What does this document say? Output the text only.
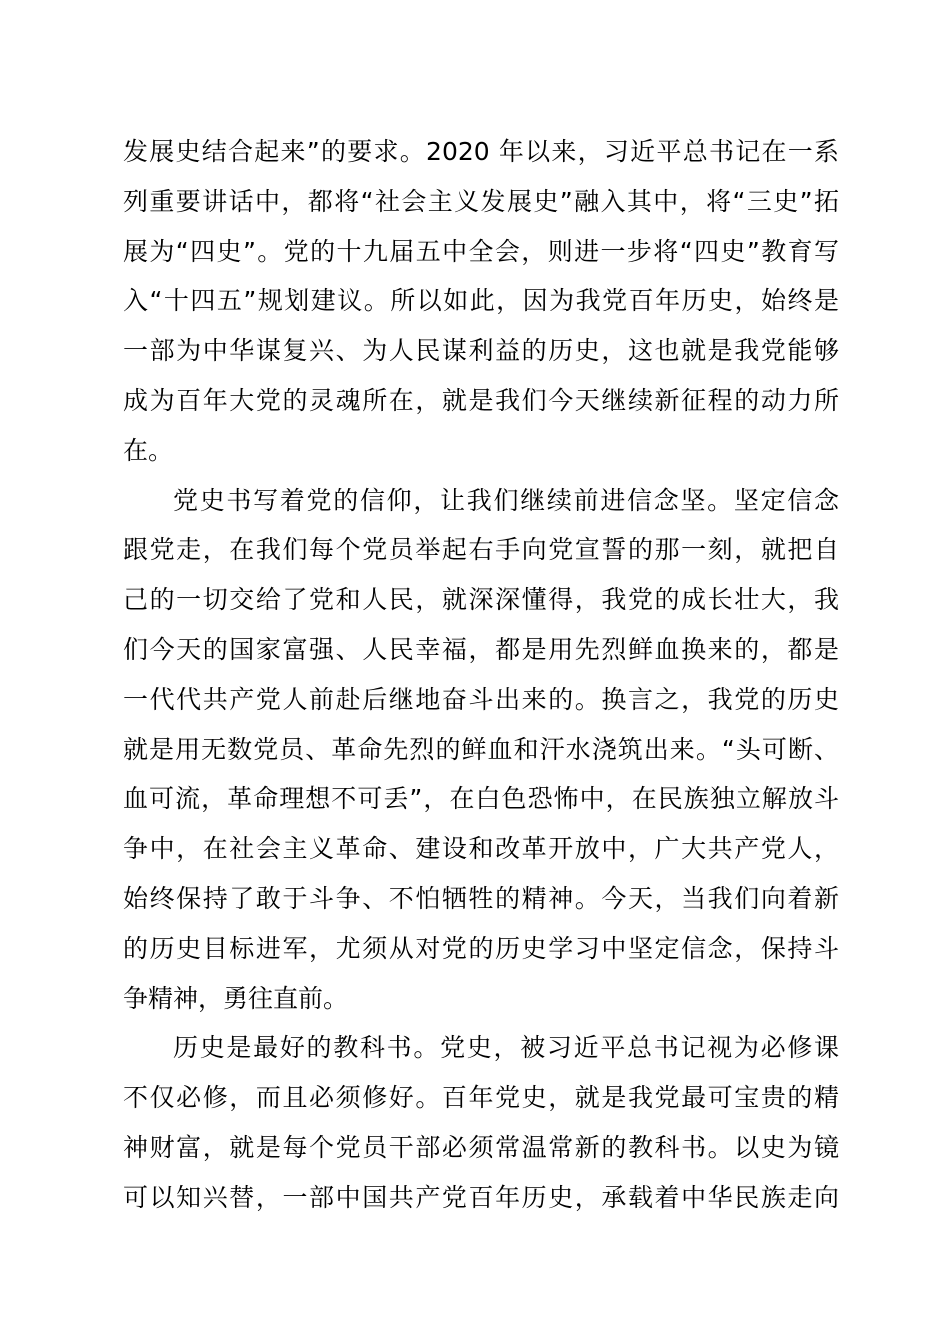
发展史结合起来”的要求。2020 年以来，习近平总书记在一系
列重要讲话中，都将“社会主义发展史”融入其中，将“三史”拓
展为“四史”。党的十九届五中全会，则进一步将“四史”教育写
入“十四五”规划建议。所以如此，因为我党百年历史，始终是
一部为中华谋复兴、为人民谋利益的历史，这也就是我党能够
成为百年大党的灵魂所在，就是我们今天继续新征程的动力所
在。
党史书写着党的信仰，让我们继续前进信念坚。坚定信念
跟党走，在我们每个党员举起右手向党宣誓的那一刻，就把自
己的一切交给了党和人民，就深深懂得，我党的成长壮大，我
们今天的国家富强、人民幸福，都是用先烈鲜血换来的，都是
一代代共产党人前赴后继地奋斗出来的。换言之，我党的历史
就是用无数党员、革命先烈的鲜血和汗水浇筑出来。“头可断、
血可流，革命理想不可丢”，在白色恐怖中，在民族独立解放斗
争中，在社会主义革命、建设和改革开放中，广大共产党人，
始终保持了敢于斗争、不怕牺牲的精神。今天，当我们向着新
的历史目标进军，尤须从对党的历史学习中坚定信念，保持斗
争精神，勇往直前。
历史是最好的教科书。党史，被习近平总书记视为必修课
不仅必修，而且必须修好。百年党史，就是我党最可宝贵的精
神财富，就是每个党员干部必须常温常新的教科书。以史为镜
可以知兴替，一部中国共产党百年历史，承载着中华民族走向
